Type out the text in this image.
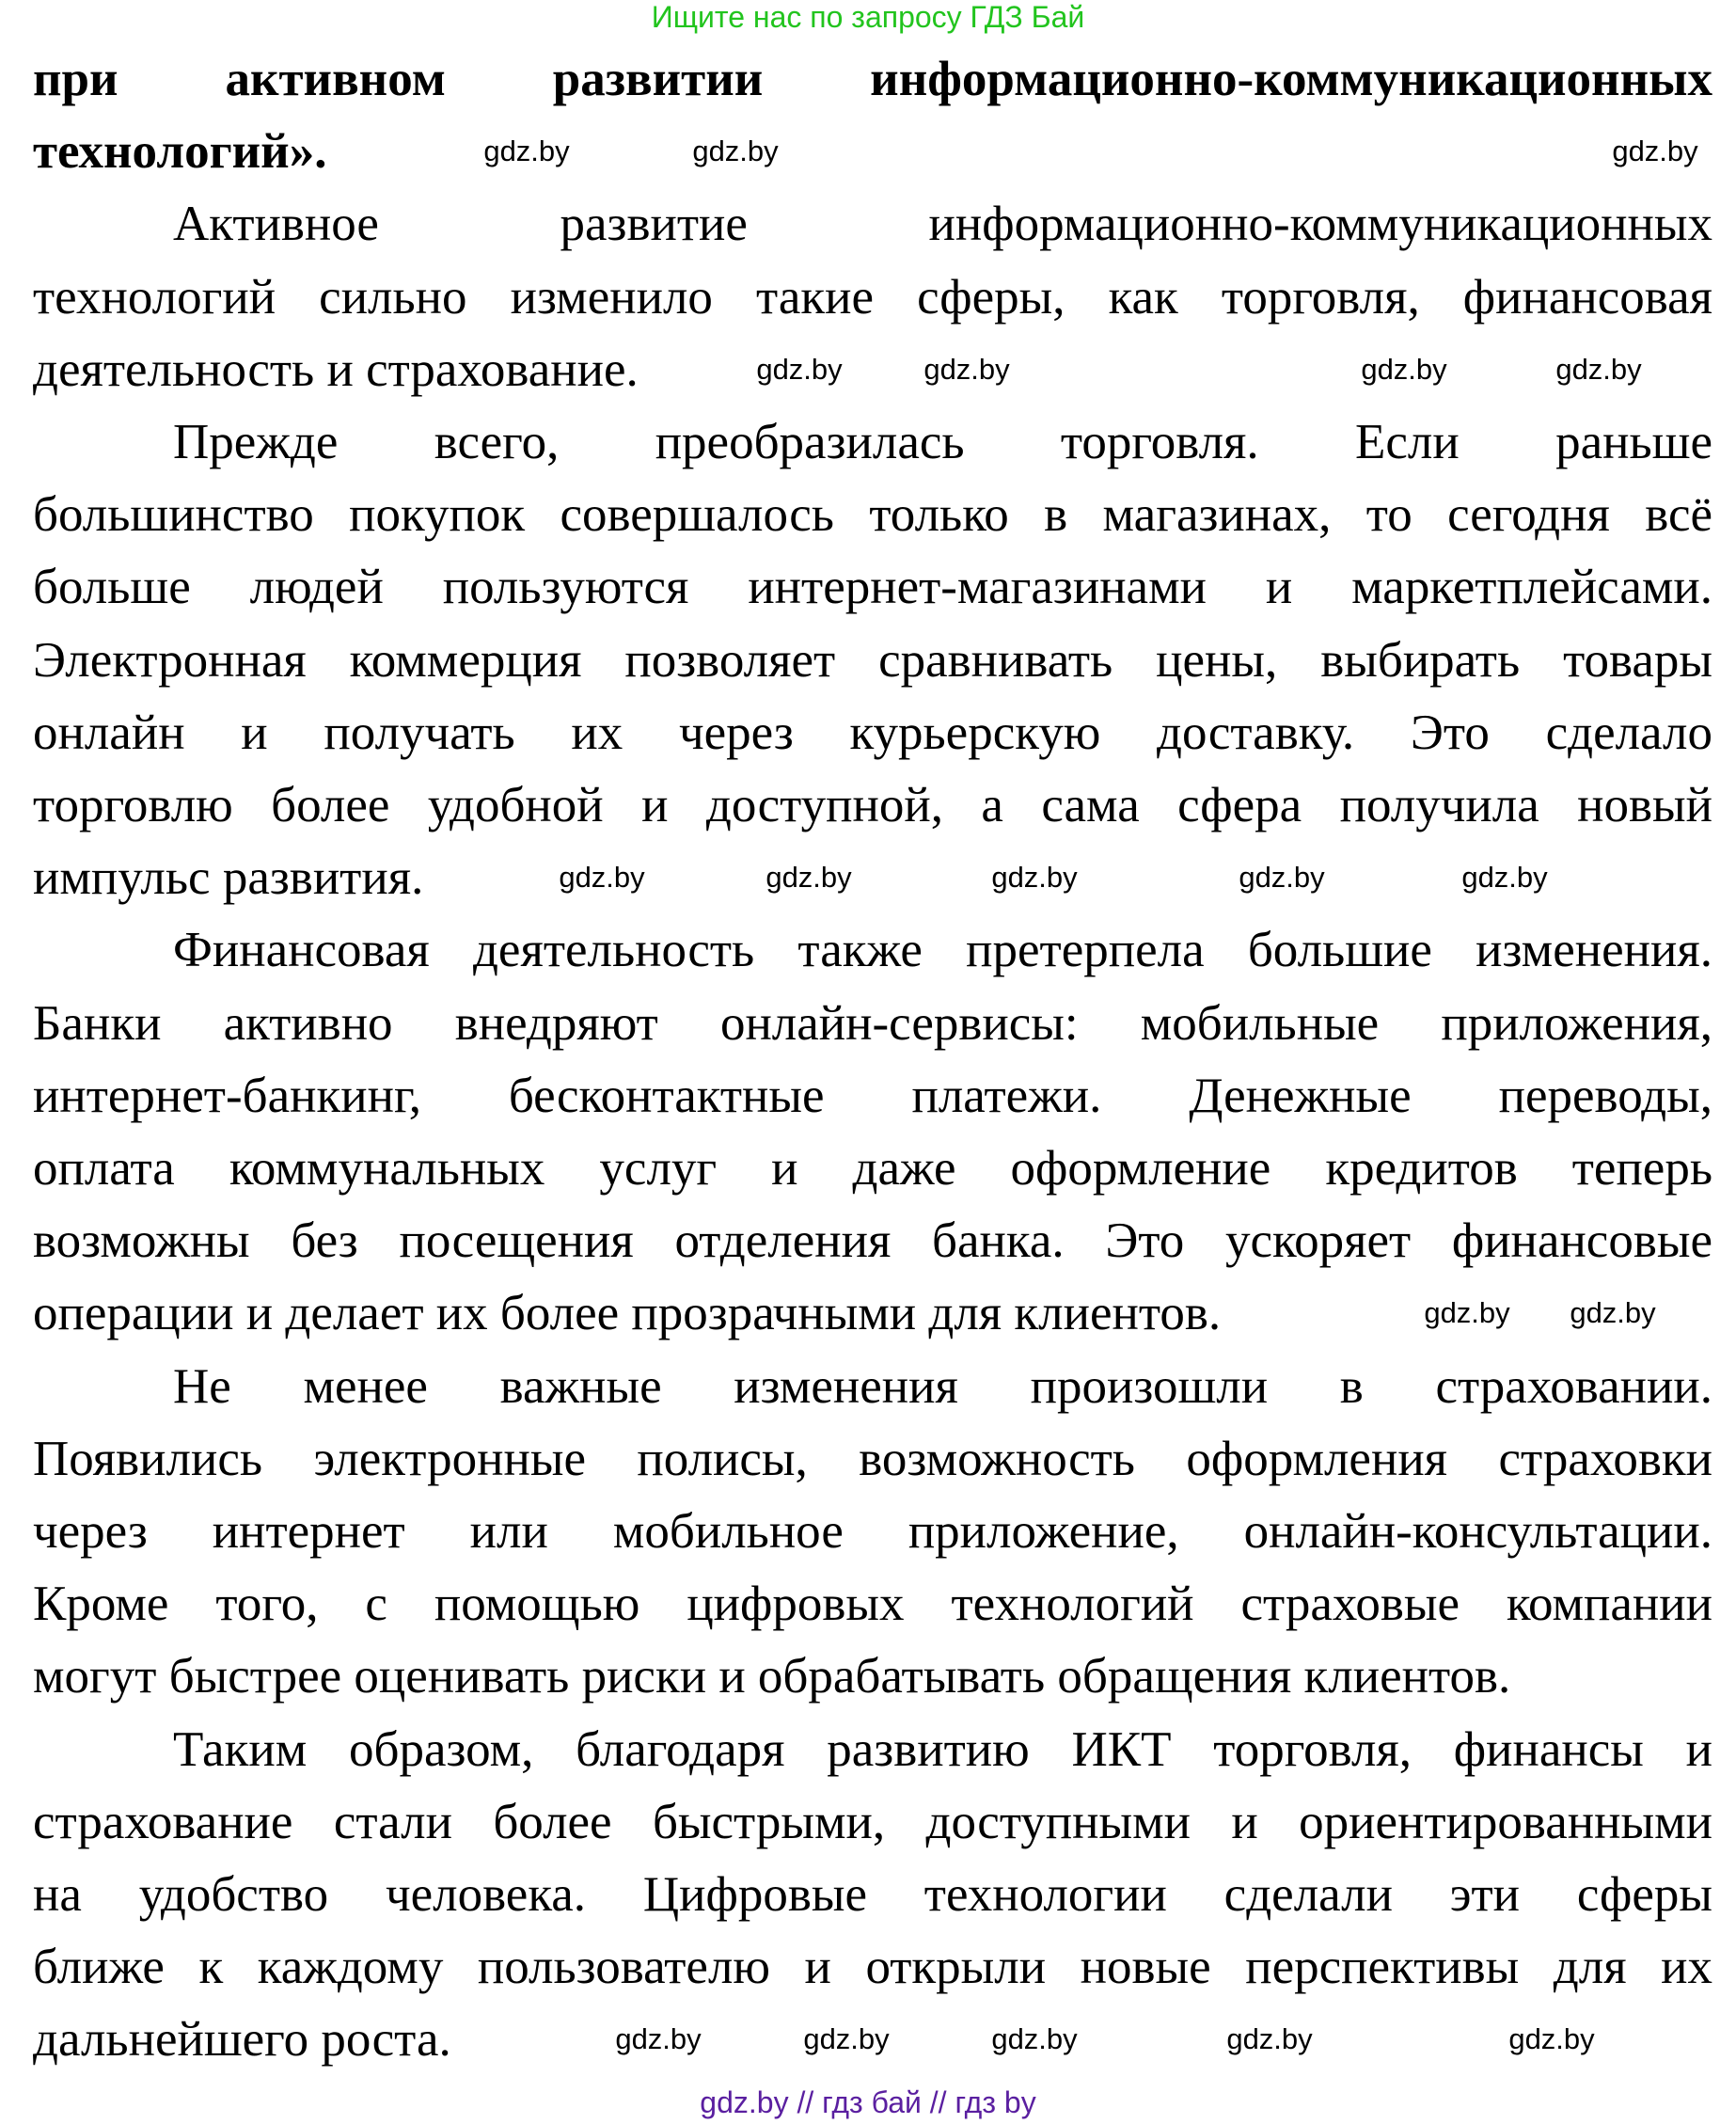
Ищите нас по запросу ГДЗ Бай
при активном развитии информационно-коммуникационных
технологий».
Активное развитие информационно-коммуникационных
технологий сильно изменило такие сферы, как торговля, финансовая
деятельность и страхование.
Прежде всего, преобразилась торговля. Если раньше
большинство покупок совершалось только в магазинах, то сегодня всё
больше людей пользуются интернет-магазинами и маркетплейсами.
Электронная коммерция позволяет сравнивать цены, выбирать товары
онлайн и получать их через курьерскую доставку. Это сделало
торговлю более удобной и доступной, а сама сфера получила новый
импульс развития.
Финансовая деятельность также претерпела большие изменения.
Банки активно внедряют онлайн-сервисы: мобильные приложения,
интернет-банкинг, бесконтактные платежи. Денежные переводы,
оплата коммунальных услуг и даже оформление кредитов теперь
возможны без посещения отделения банка. Это ускоряет финансовые
операции и делает их более прозрачными для клиентов.
Не менее важные изменения произошли в страховании.
Появились электронные полисы, возможность оформления страховки
через интернет или мобильное приложение, онлайн-консультации.
Кроме того, с помощью цифровых технологий страховые компании
могут быстрее оценивать риски и обрабатывать обращения клиентов.
Таким образом, благодаря развитию ИКТ торговля, финансы и
страхование стали более быстрыми, доступными и ориентированными
на удобство человека. Цифровые технологии сделали эти сферы
ближе к каждому пользователю и открыли новые перспективы для их
дальнейшего роста.
gdz.by
gdz.by	gdz.by
gdz.by	gdz.by	gdz.by	gdz.by
gdz.by
gdz.by	gdz.by
gdz.by
gdz.by	gdz.by
gdz.by
gdz.by	gdz.by	gdz.by	gdz.by	gdz.by
gdz.by // гдз бай // гдз by
